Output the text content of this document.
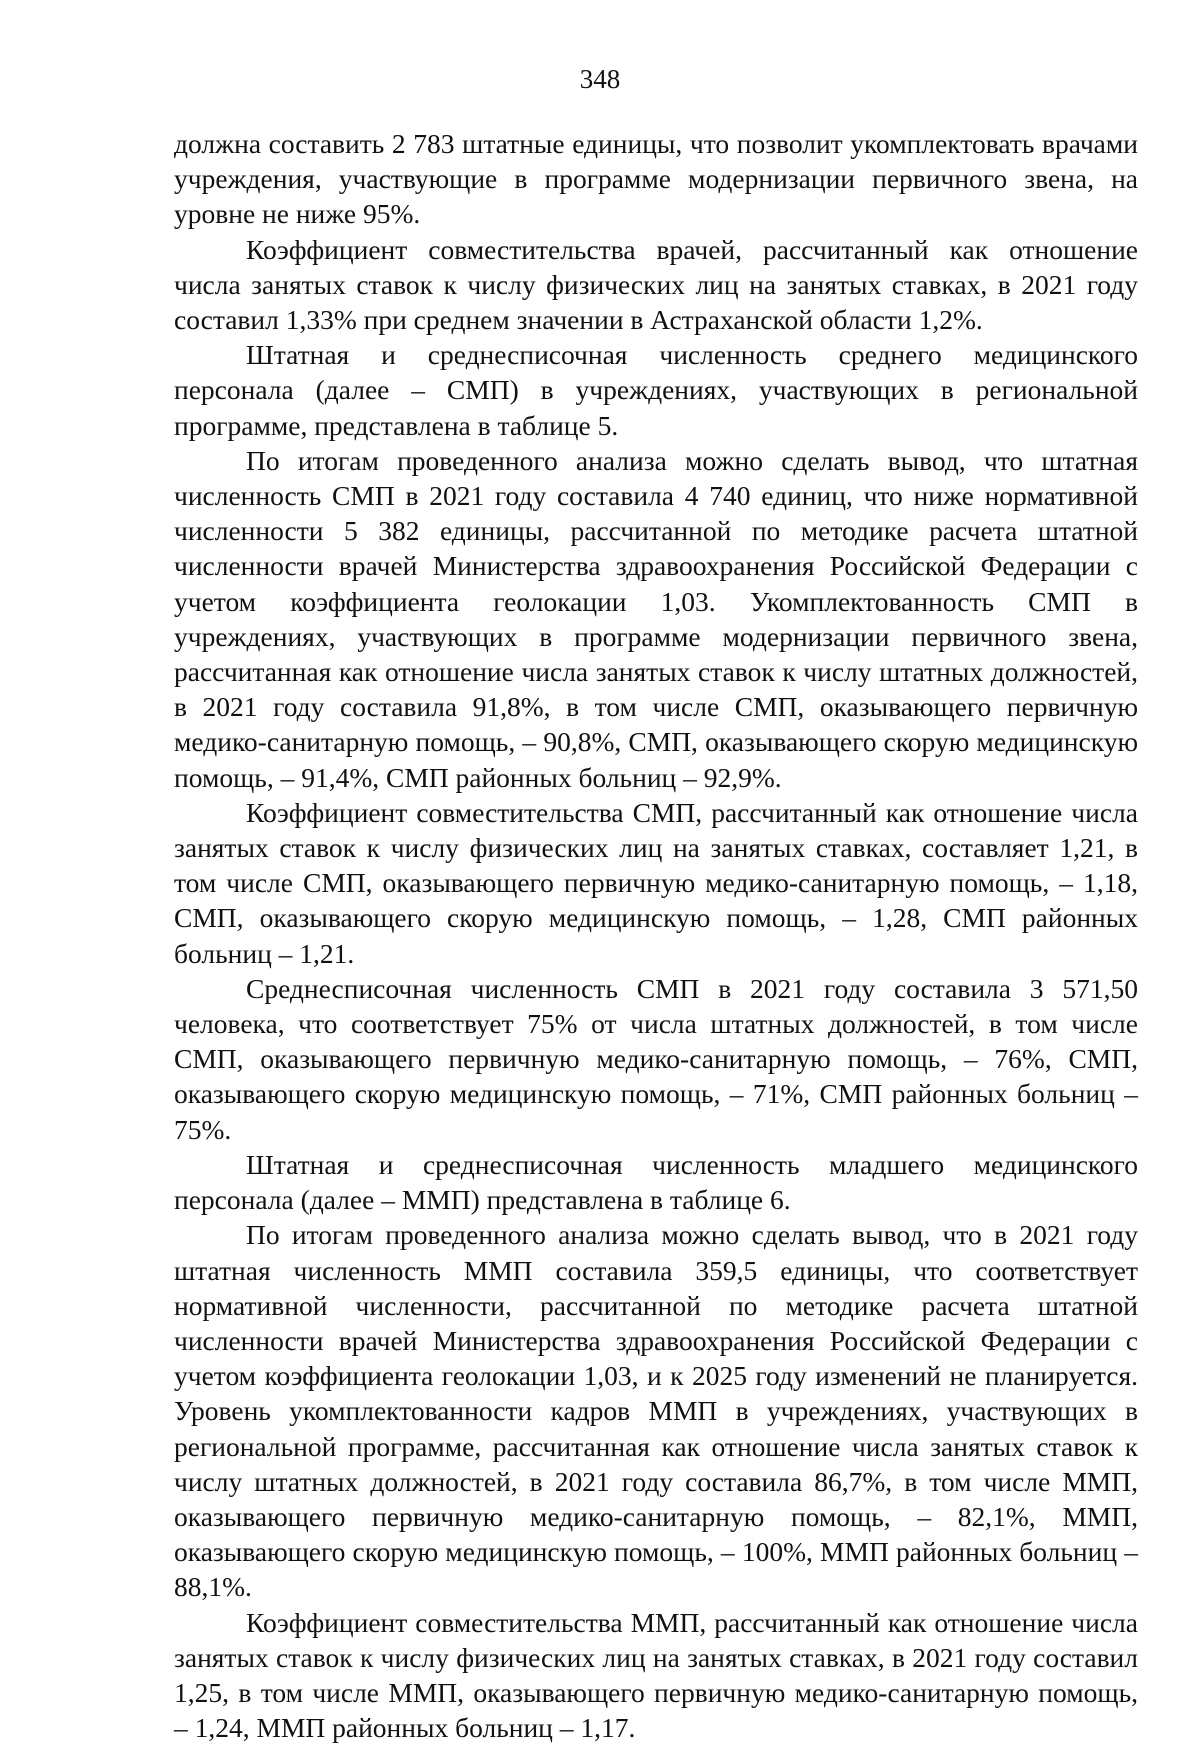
348

должна составить 2 783 штатные единицы, что позволит укомплектовать врачами учреждения, участвующие в программе модернизации первичного звена, на уровне не ниже 95%.

Коэффициент совместительства врачей, рассчитанный как отношение числа занятых ставок к числу физических лиц на занятых ставках, в 2021 году составил 1,33% при среднем значении в Астраханской области 1,2%.

Штатная и среднесписочная численность среднего медицинского персонала (далее – СМП) в учреждениях, участвующих в региональной программе, представлена в таблице 5.

По итогам проведенного анализа можно сделать вывод, что штатная численность СМП в 2021 году составила 4 740 единиц, что ниже нормативной численности 5 382 единицы, рассчитанной по методике расчета штатной численности врачей Министерства здравоохранения Российской Федерации с учетом коэффициента геолокации 1,03. Укомплектованность СМП в учреждениях, участвующих в программе модернизации первичного звена, рассчитанная как отношение числа занятых ставок к числу штатных должностей, в 2021 году составила 91,8%, в том числе СМП, оказывающего первичную медико-санитарную помощь, – 90,8%, СМП, оказывающего скорую медицинскую помощь, – 91,4%, СМП районных больниц – 92,9%.

Коэффициент совместительства СМП, рассчитанный как отношение числа занятых ставок к числу физических лиц на занятых ставках, составляет 1,21, в том числе СМП, оказывающего первичную медико-санитарную помощь, – 1,18, СМП, оказывающего скорую медицинскую помощь, – 1,28, СМП районных больниц – 1,21.

Среднесписочная численность СМП в 2021 году составила 3 571,50 человека, что соответствует 75% от числа штатных должностей, в том числе СМП, оказывающего первичную медико-санитарную помощь, – 76%, СМП, оказывающего скорую медицинскую помощь, – 71%, СМП районных больниц – 75%.

Штатная и среднесписочная численность младшего медицинского персонала (далее – ММП) представлена в таблице 6.

По итогам проведенного анализа можно сделать вывод, что в 2021 году штатная численность ММП составила 359,5 единицы, что соответствует нормативной численности, рассчитанной по методике расчета штатной численности врачей Министерства здравоохранения Российской Федерации с учетом коэффициента геолокации 1,03, и к 2025 году изменений не планируется. Уровень укомплектованности кадров ММП в учреждениях, участвующих в региональной программе, рассчитанная как отношение числа занятых ставок к числу штатных должностей, в 2021 году составила 86,7%, в том числе ММП, оказывающего первичную медико-санитарную помощь, – 82,1%, ММП, оказывающего скорую медицинскую помощь, – 100%, ММП районных больниц – 88,1%.

Коэффициент совместительства ММП, рассчитанный как отношение числа занятых ставок к числу физических лиц на занятых ставках, в 2021 году составил 1,25, в том числе ММП, оказывающего первичную медико-санитарную помощь, – 1,24, ММП районных больниц – 1,17.
